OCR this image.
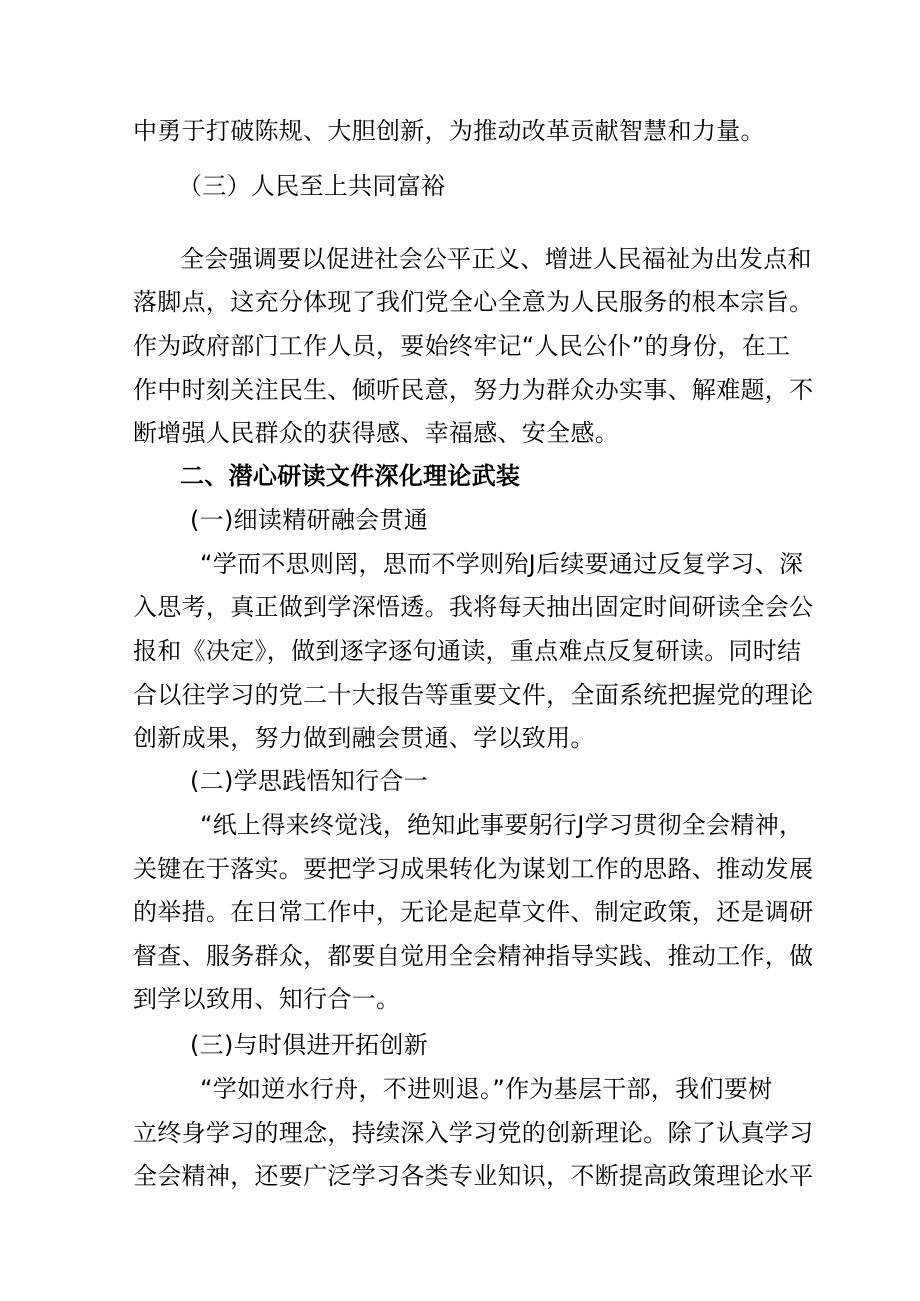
中勇于打破陈规、大胆创新，为推动改革贡献智慧和力量。
（三）人民至上共同富裕
全会强调要以促进社会公平正义、增进人民福祉为出发点和
落脚点，这充分体现了我们党全心全意为人民服务的根本宗旨。
作为政府部门工作人员，要始终牢记“人民公仆”的身份，在工
作中时刻关注民生、倾听民意，努力为群众办实事、解难题，不
断增强人民群众的获得感、幸福感、安全感。
二、潜心研读文件深化理论武装
(一)细读精研融会贯通
“学而不思则罔，思而不学则殆J后续要通过反复学习、深
入思考，真正做到学深悟透。我将每天抽出固定时间研读全会公
报和《决定》，做到逐字逐句通读，重点难点反复研读。同时结
合以往学习的党二十大报告等重要文件，全面系统把握党的理论
创新成果，努力做到融会贯通、学以致用。
(二)学思践悟知行合一
“纸上得来终觉浅，绝知此事要躬行J学习贯彻全会精神，
关键在于落实。要把学习成果转化为谋划工作的思路、推动发展
的举措。在日常工作中，无论是起草文件、制定政策，还是调研
督查、服务群众，都要自觉用全会精神指导实践、推动工作，做
到学以致用、知行合一。
(三)与时俱进开拓创新
“学如逆水行舟，不进则退。”作为基层干部，我们要树
立终身学习的理念，持续深入学习党的创新理论。除了认真学习
全会精神，还要广泛学习各类专业知识，不断提高政策理论水平
